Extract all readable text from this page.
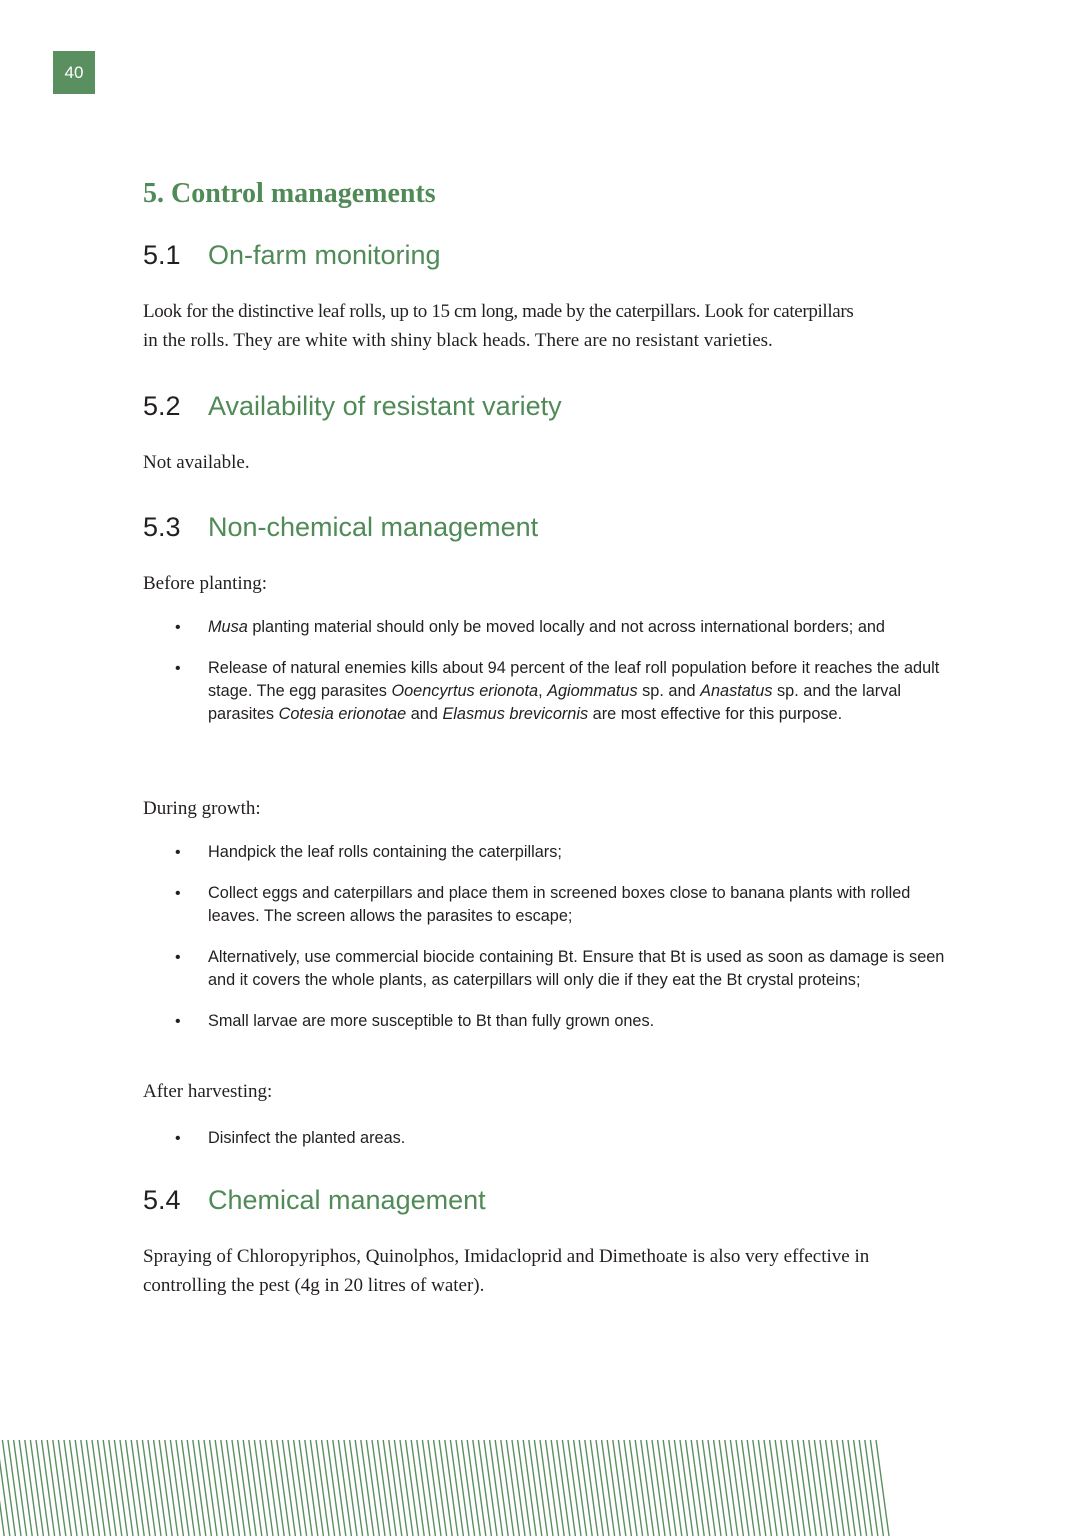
40
5. Control managements
5.1 On-farm monitoring
Look for the distinctive leaf rolls, up to 15 cm long, made by the caterpillars. Look for caterpillars
in the rolls. They are white with shiny black heads. There are no resistant varieties.
5.2 Availability of resistant variety

Not available.

5.3 Non-chemical management

Before planting:

• Musa planting material should only be moved locally and not across international borders; and
• Release of natural enemies kills about 94 percent of the leaf roll population before it reaches the adult stage. The egg parasites Ooencyrtus erionota, Agiommatus sp. and Anastatus sp. and the larval parasites Cotesia erionotae and Elasmus brevicornis are most effective for this purpose.

During growth:

• Handpick the leaf rolls containing the caterpillars;
• Collect eggs and caterpillars and place them in screened boxes close to banana plants with rolled leaves. The screen allows the parasites to escape;
• Alternatively, use commercial biocide containing Bt. Ensure that Bt is used as soon as damage is seen and it covers the whole plants, as caterpillars will only die if they eat the Bt crystal proteins;
• Small larvae are more susceptible to Bt than fully grown ones.

After harvesting:

• Disinfect the planted areas.
5.4 Chemical management
Spraying of Chloropyriphos, Quinolphos, Imidacloprid and Dimethoate is also very effective in
controlling the pest (4g in 20 litres of water).
